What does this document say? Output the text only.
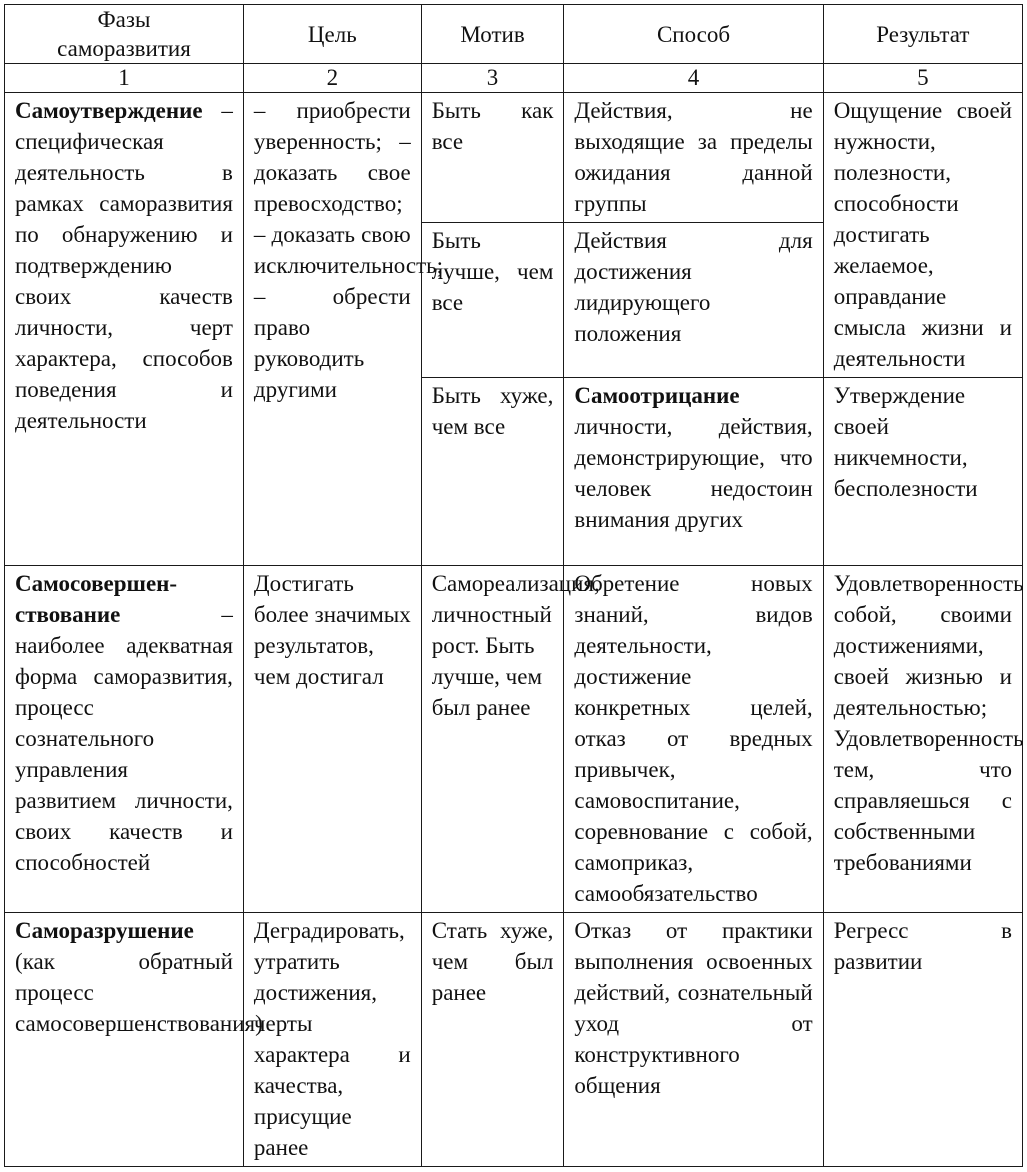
Фазы
саморазвития	Цель	Мотив	Способ	Результат
1	2	3	4	5

Самоутверждение – специфическая деятельность в рамках саморазвития по обнаружению и подтверждению своих качеств личности, черт характера, способов поведения и деятельности	– приобрести уверенность; – доказать свое превосходство; – доказать свою исключительность; – обрести право руководить другими	Быть как все	Действия, не выходящие за пределы ожидания данной группы	Ощущение своей нужности, полезности, способности достигать желаемое, оправдание смысла жизни и деятельности
		Быть лучше, чем все	Действия для достижения лидирующего положения	
		Быть хуже, чем все	Самоотрицание личности, действия, демонстрирующие, что человек недостоин внимания других	Утверждение своей никчемности, бесполезности

Самосовершенствование – наиболее адекватная форма саморазвития, процесс сознательного управления развитием личности, своих качеств и способностей	Достигать более значимых результатов, чем достигал	Самореализация, личностный рост. Быть лучше, чем был ранее	Обретение новых знаний, видов деятельности, достижение конкретных целей, отказ от вредных привычек, самовоспитание, соревнование с собой, самоприказ, самообязательство	Удовлетворенность собой, своими достижениями, своей жизнью и деятельностью; Удовлетворенность тем, что справляешься с собственными требованиями

Саморазрушение (как обратный процесс самосовершенствования)	Деградировать, утратить достижения, черты характера и качества, присущие ранее	Стать хуже, чем был ранее	Отказ от практики выполнения освоенных действий, сознательный уход от конструктивного общения	Регресс в развитии
